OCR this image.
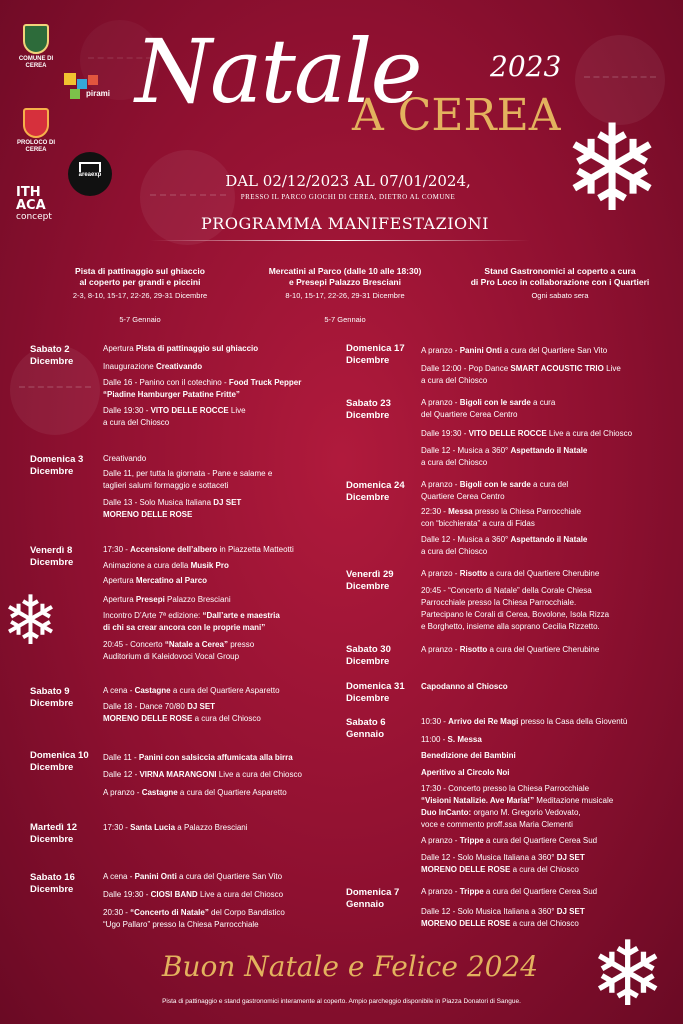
❄
❄
❄
COMUNE DI CEREA
PROLOCO DI CEREA
pirami
areaexp
ITH
ACA
concept
Natale 2023
A CEREA
DAL 02/12/2023 AL 07/01/2024,
PRESSO IL PARCO GIOCHI DI CEREA, DIETRO AL COMUNE
PROGRAMMA MANIFESTAZIONI
Pista di pattinaggio sul ghiaccio
al coperto per grandi e piccini
2-3, 8-10, 15-17, 22-26, 29-31 Dicembre
5-7 Gennaio
Mercatini al Parco (dalle 10 alle 18:30)
e Presepi Palazzo Bresciani
8-10, 15-17, 22-26, 29-31 Dicembre
5-7 Gennaio
Stand Gastronomici al coperto a cura
di Pro Loco in collaborazione con i Quartieri
Ogni sabato sera
Sabato 2
Dicembre
Apertura Pista di pattinaggio sul ghiaccio
Inaugurazione Creativando
Dalle 16 - Panino con il cotechino - Food Truck Pepper
“Piadine Hamburger Patatine Fritte”
Dalle 19:30 - VITO DELLE ROCCE Live
a cura del Chiosco
Domenica 3
Dicembre
Creativando
Dalle 11, per tutta la giornata - Pane e salame e
taglieri salumi formaggio e sottaceti
Dalle 13 - Solo Musica Italiana DJ SET
MORENO DELLE ROSE
Venerdì 8
Dicembre
17:30 - Accensione dell’albero in Piazzetta Matteotti
Animazione a cura della Musik Pro
Apertura Mercatino al Parco
Apertura Presepi Palazzo Bresciani
Incontro D’Arte 7ª edizione: “Dall’arte e maestria
di chi sa crear ancora con le proprie mani”
20:45 - Concerto “Natale a Cerea” presso
Auditorium di Kaleidovoci Vocal Group
Sabato 9
Dicembre
A cena - Castagne a cura del Quartiere Asparetto
Dalle 18 - Dance 70/80 DJ SET
MORENO DELLE ROSE a cura del Chiosco
Domenica 10
Dicembre
Dalle 11 - Panini con salsiccia affumicata alla birra
Dalle 12 - VIRNA MARANGONI Live a cura del Chiosco
A pranzo - Castagne a cura del Quartiere Asparetto
Martedì 12
Dicembre
17:30 - Santa Lucia a Palazzo Bresciani
Sabato 16
Dicembre
A cena - Panini Onti a cura del Quartiere San Vito
Dalle 19:30 - CIOSI BAND Live a cura del Chiosco
20:30 - “Concerto di Natale” del Corpo Bandistico
“Ugo Pallaro” presso la Chiesa Parrocchiale
Domenica 17
Dicembre
A pranzo - Panini Onti a cura del Quartiere San Vito
Dalle 12:00 - Pop Dance SMART ACOUSTIC TRIO Live
a cura del Chiosco
Sabato 23
Dicembre
A pranzo - Bigoli con le sarde a cura
del Quartiere Cerea Centro
Dalle 19:30 - VITO DELLE ROCCE Live a cura del Chiosco
Dalle 12 - Musica a 360° Aspettando il Natale
a cura del Chiosco
Domenica 24
Dicembre
A pranzo - Bigoli con le sarde a cura del
Quartiere Cerea Centro
22:30 - Messa presso la Chiesa Parrocchiale
con “bicchierata” a cura di Fidas
Dalle 12 - Musica a 360° Aspettando il Natale
a cura del Chiosco
Venerdì 29
Dicembre
A pranzo - Risotto a cura del Quartiere Cherubine
20:45 - “Concerto di Natale” della Corale Chiesa
Parrocchiale presso la Chiesa Parrocchiale.
Partecipano le Corali di Cerea, Bovolone, Isola Rizza
e Borghetto, insieme alla soprano Cecilia Rizzetto.
Sabato 30
Dicembre
A pranzo - Risotto a cura del Quartiere Cherubine
Domenica 31
Dicembre
Capodanno al Chiosco
Sabato 6
Gennaio
10:30 - Arrivo dei Re Magi presso la Casa della Gioventù
11:00 - S. Messa
Benedizione dei Bambini
Aperitivo al Circolo Noi
17:30 - Concerto presso la Chiesa Parrocchiale
“Visioni Natalizie. Ave Maria!” Meditazione musicale
Duo InCanto: organo M. Gregorio Vedovato,
voce e commento proff.ssa Maria Clementi
A pranzo - Trippe a cura del Quartiere Cerea Sud
Dalle 12 - Solo Musica Italiana a 360° DJ SET
MORENO DELLE ROSE a cura del Chiosco
Domenica 7
Gennaio
A pranzo - Trippe a cura del Quartiere Cerea Sud
Dalle 12 - Solo Musica Italiana a 360° DJ SET
MORENO DELLE ROSE a cura del Chiosco
Buon Natale e Felice 2024
Pista di pattinaggio e stand gastronomici interamente al coperto. Ampio parcheggio disponibile in Piazza Donatori di Sangue.
